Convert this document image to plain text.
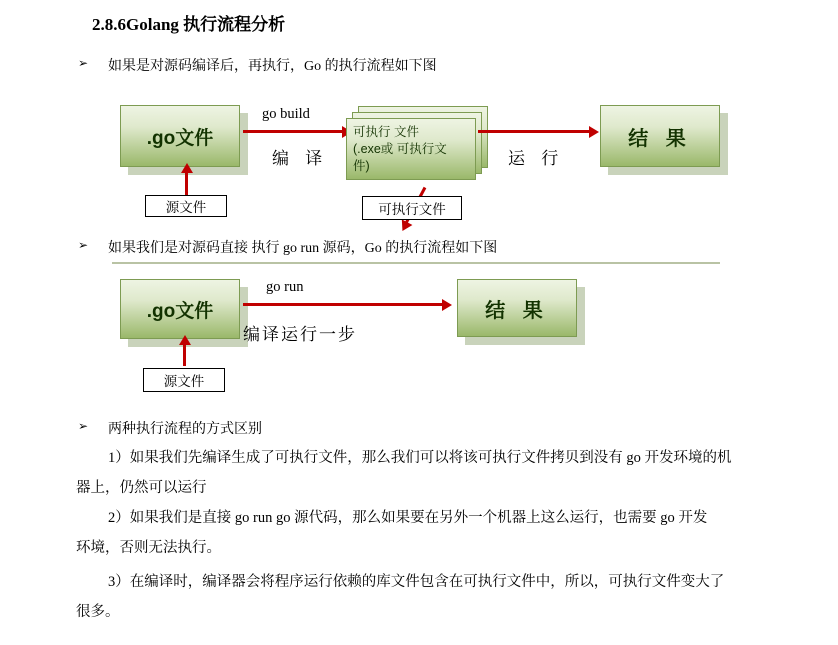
2.8.6Golang 执行流程分析
➢ 如果是对源码编译后，再执行，Go 的执行流程如下图
.go文件
源文件
go build
编 译
可执行 文件
(.exe或 可执行文
件)
可执行文件
运 行
结 果
➢ 如果我们是对源码直接 执行 go run 源码，Go 的执行流程如下图
.go文件
源文件
go run
编译运行一步
结 果
➢ 两种执行流程的方式区别
1）如果我们先编译生成了可执行文件，那么我们可以将该可执行文件拷贝到没有 go 开发环境的机
器上，仍然可以运行
2）如果我们是直接 go run go 源代码，那么如果要在另外一个机器上这么运行，也需要 go 开发
环境，否则无法执行。
3）在编译时，编译器会将程序运行依赖的库文件包含在可执行文件中，所以，可执行文件变大了
很多。
